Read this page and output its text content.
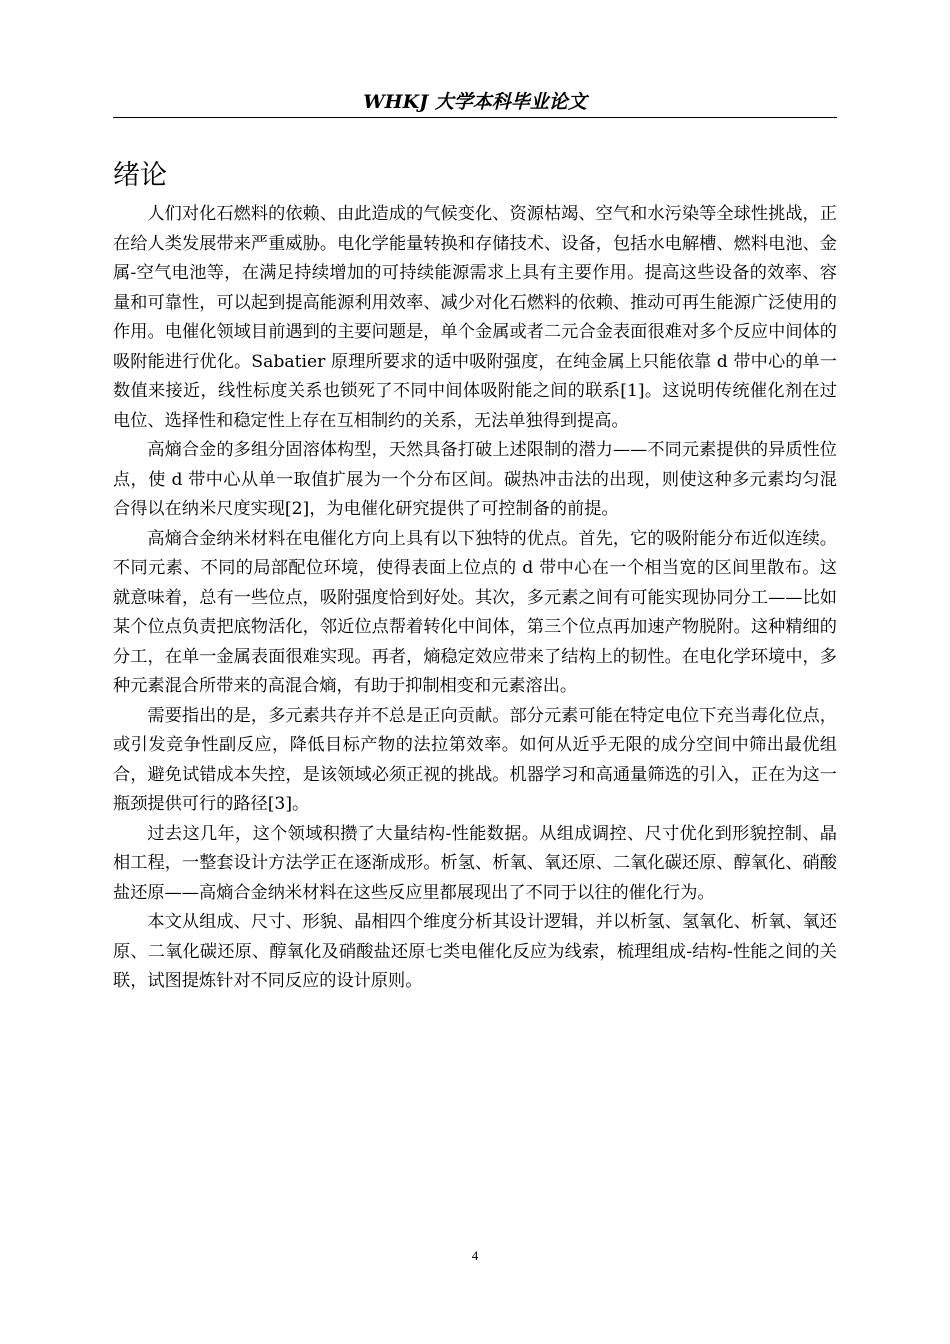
WHKJ 大学本科毕业论文
绪论

人们对化石燃料的依赖、由此造成的气候变化、资源枯竭、空气和水污染等全球性挑战，正在给人类发展带来严重威胁。电化学能量转换和存储技术、设备，包括水电解槽、燃料电池、金属-空气电池等，在满足持续增加的可持续能源需求上具有主要作用。提高这些设备的效率、容量和可靠性，可以起到提高能源利用效率、减少对化石燃料的依赖、推动可再生能源广泛使用的作用。电催化领域目前遇到的主要问题是，单个金属或者二元合金表面很难对多个反应中间体的吸附能进行优化。Sabatier 原理所要求的适中吸附强度，在纯金属上只能依靠 d 带中心的单一数值来接近，线性标度关系也锁死了不同中间体吸附能之间的联系[1]。这说明传统催化剂在过电位、选择性和稳定性上存在互相制约的关系，无法单独得到提高。

高熵合金的多组分固溶体构型，天然具备打破上述限制的潜力——不同元素提供的异质性位点，使 d 带中心从单一取值扩展为一个分布区间。碳热冲击法的出现，则使这种多元素均匀混合得以在纳米尺度实现[2]，为电催化研究提供了可控制备的前提。

高熵合金纳米材料在电催化方向上具有以下独特的优点。首先，它的吸附能分布近似连续。不同元素、不同的局部配位环境，使得表面上位点的 d 带中心在一个相当宽的区间里散布。这就意味着，总有一些位点，吸附强度恰到好处。其次，多元素之间有可能实现协同分工——比如某个位点负责把底物活化，邻近位点帮着转化中间体，第三个位点再加速产物脱附。这种精细的分工，在单一金属表面很难实现。再者，熵稳定效应带来了结构上的韧性。在电化学环境中，多种元素混合所带来的高混合熵，有助于抑制相变和元素溶出。

需要指出的是，多元素共存并不总是正向贡献。部分元素可能在特定电位下充当毒化位点，或引发竞争性副反应，降低目标产物的法拉第效率。如何从近乎无限的成分空间中筛出最优组合，避免试错成本失控，是该领域必须正视的挑战。机器学习和高通量筛选的引入，正在为这一瓶颈提供可行的路径[3]。

过去这几年，这个领域积攒了大量结构-性能数据。从组成调控、尺寸优化到形貌控制、晶相工程，一整套设计方法学正在逐渐成形。析氢、析氧、氧还原、二氧化碳还原、醇氧化、硝酸盐还原——高熵合金纳米材料在这些反应里都展现出了不同于以往的催化行为。

本文从组成、尺寸、形貌、晶相四个维度分析其设计逻辑，并以析氢、氢氧化、析氧、氧还原、二氧化碳还原、醇氧化及硝酸盐还原七类电催化反应为线索，梳理组成-结构-性能之间的关联，试图提炼针对不同反应的设计原则。

4
